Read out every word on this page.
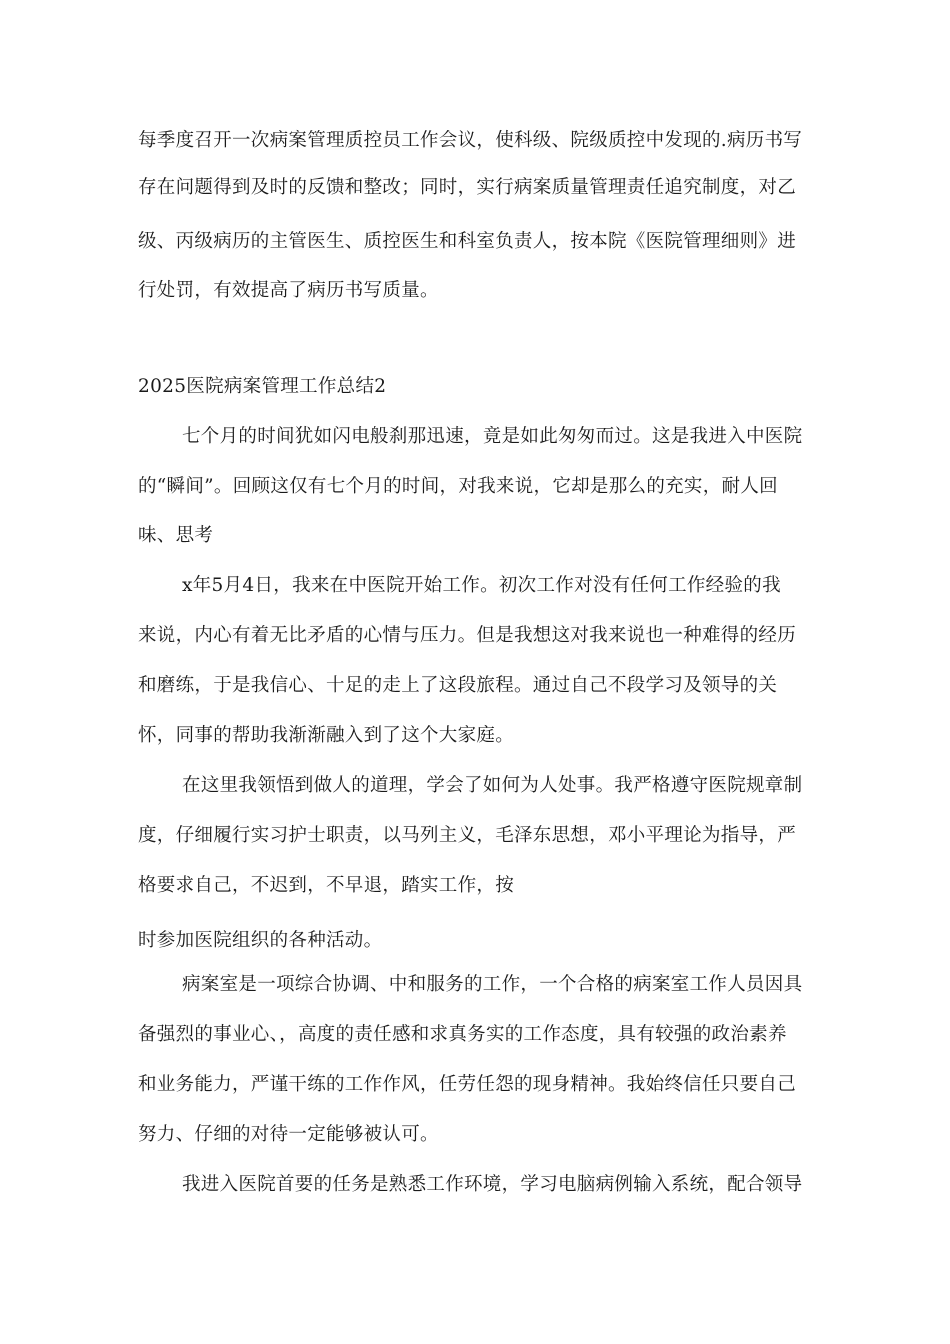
每季度召开一次病案管理质控员工作会议，使科级、院级质控中发现的.病历书写
存在问题得到及时的反馈和整改；同时，实行病案质量管理责任追究制度，对乙
级、丙级病历的主管医生、质控医生和科室负责人，按本院《医院管理细则》进
行处罚，有效提高了病历书写质量。
2025医院病案管理工作总结2
七个月的时间犹如闪电般刹那迅速，竟是如此匆匆而过。这是我进入中医院
的“瞬间”。回顾这仅有七个月的时间，对我来说，它却是那么的充实，耐人回
味、思考
x年5月4日，我来在中医院开始工作。初次工作对没有任何工作经验的我
来说，内心有着无比矛盾的心情与压力。但是我想这对我来说也一种难得的经历
和磨练，于是我信心、十足的走上了这段旅程。通过自己不段学习及领导的关
怀，同事的帮助我渐渐融入到了这个大家庭。
在这里我领悟到做人的道理，学会了如何为人处事。我严格遵守医院规章制
度，仔细履行实习护士职责，以马列主义，毛泽东思想，邓小平理论为指导，严
格要求自己，不迟到，不早退，踏实工作，按
时参加医院组织的各种活动。
病案室是一项综合协调、中和服务的工作，一个合格的病案室工作人员因具
备强烈的事业心、，高度的责任感和求真务实的工作态度，具有较强的政治素养
和业务能力，严谨干练的工作作风，任劳任怨的现身精神。我始终信任只要自己
努力、仔细的对待一定能够被认可。
我进入医院首要的任务是熟悉工作环境，学习电脑病例输入系统，配合领导
